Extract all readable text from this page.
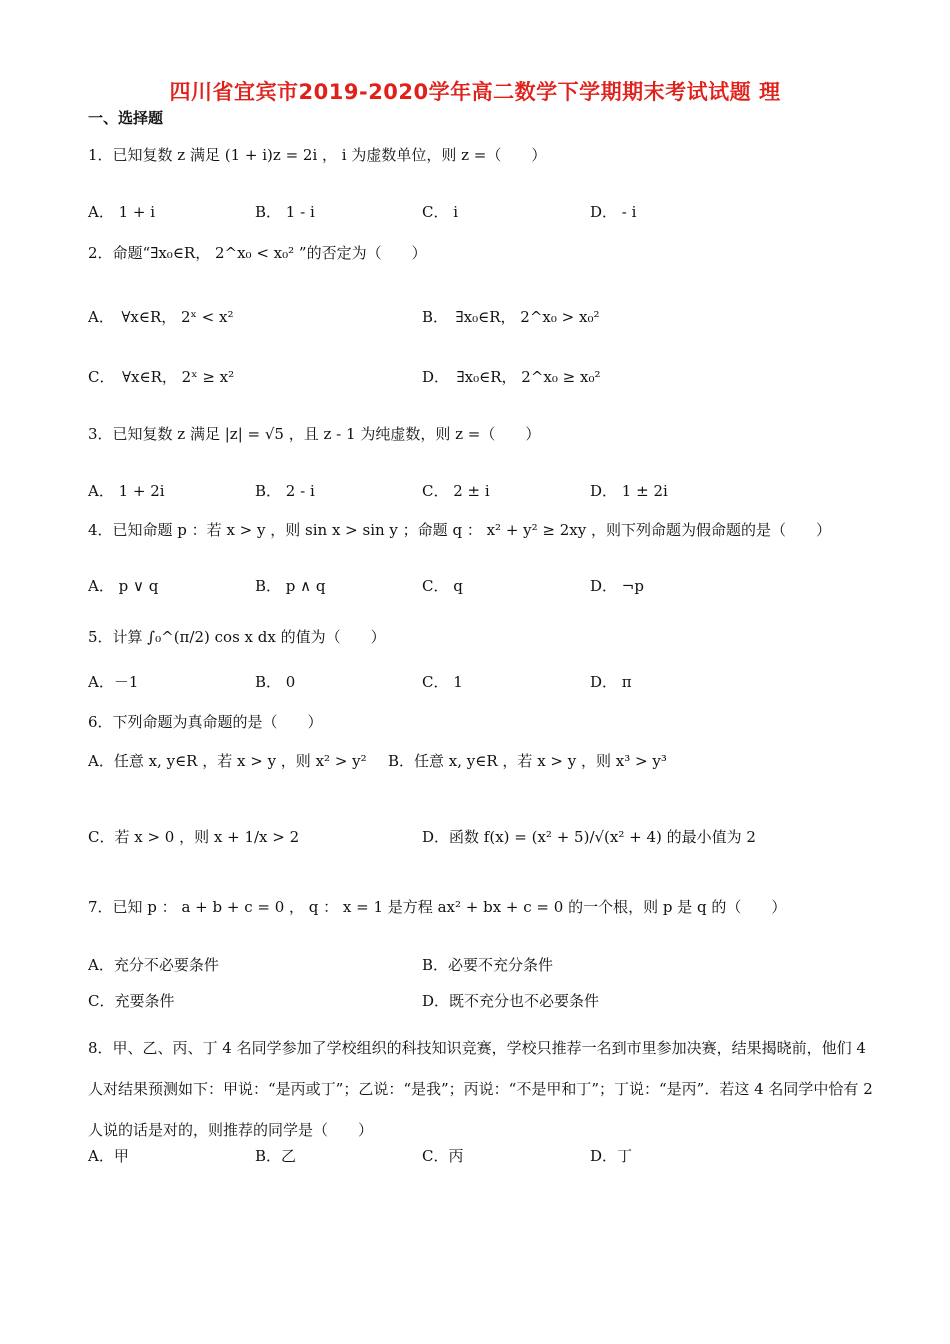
四川省宜宾市2019-2020学年高二数学下学期期末考试试题 理
一、选择题
1．已知复数 z 满足 (1 + i)z = 2i ， i 为虚数单位，则 z =（　　）
A． 1 + i	B． 1 - i	C． i	D． - i
2．命题“∃x₀∈R， 2^x₀ < x₀² ”的否定为（　　）
A．　∀x∈R， 2ˣ < x²	B．　∃x₀∈R， 2^x₀ > x₀²
C．　∀x∈R， 2ˣ ≥ x²	D．　∃x₀∈R， 2^x₀ ≥ x₀²
3．已知复数 z 满足 |z| = √5 ，且 z - 1 为纯虚数，则 z =（　　）
A． 1 + 2i	B． 2 - i	C． 2 ± i	D． 1 ± 2i
4．已知命题 p ：若 x > y ，则 sin x > sin y ；命题 q ： x² + y² ≥ 2xy ，则下列命题为假命题的是（　　）
A． p ∨ q	B． p ∧ q	C． q	D． ¬p
5．计算 ∫₀^(π/2) cos x dx 的值为（　　）
A．－1	B． 0	C． 1	D． π
6．下列命题为真命题的是（　　）
A．任意 x, y∈R ，若 x > y ，则 x² > y² B．任意 x, y∈R ，若 x > y ，则 x³ > y³
C．若 x > 0 ，则 x + 1/x > 2	D．函数 f(x) = (x² + 5)/√(x² + 4) 的最小值为 2
7．已知 p ： a + b + c = 0 ， q ： x = 1 是方程 ax² + bx + c = 0 的一个根，则 p 是 q 的（　　）
A．充分不必要条件	B．必要不充分条件
C．充要条件	D．既不充分也不必要条件
8．甲、乙、丙、丁 4 名同学参加了学校组织的科技知识竞赛，学校只推荐一名到市里参加决赛，结果揭晓前，他们 4 人对结果预测如下：甲说：“是丙或丁”；乙说：“是我”；丙说：“不是甲和丁”；丁说：“是丙”．若这 4 名同学中恰有 2 人说的话是对的，则推荐的同学是（　　）
A．甲	B．乙	C．丙	D．丁
